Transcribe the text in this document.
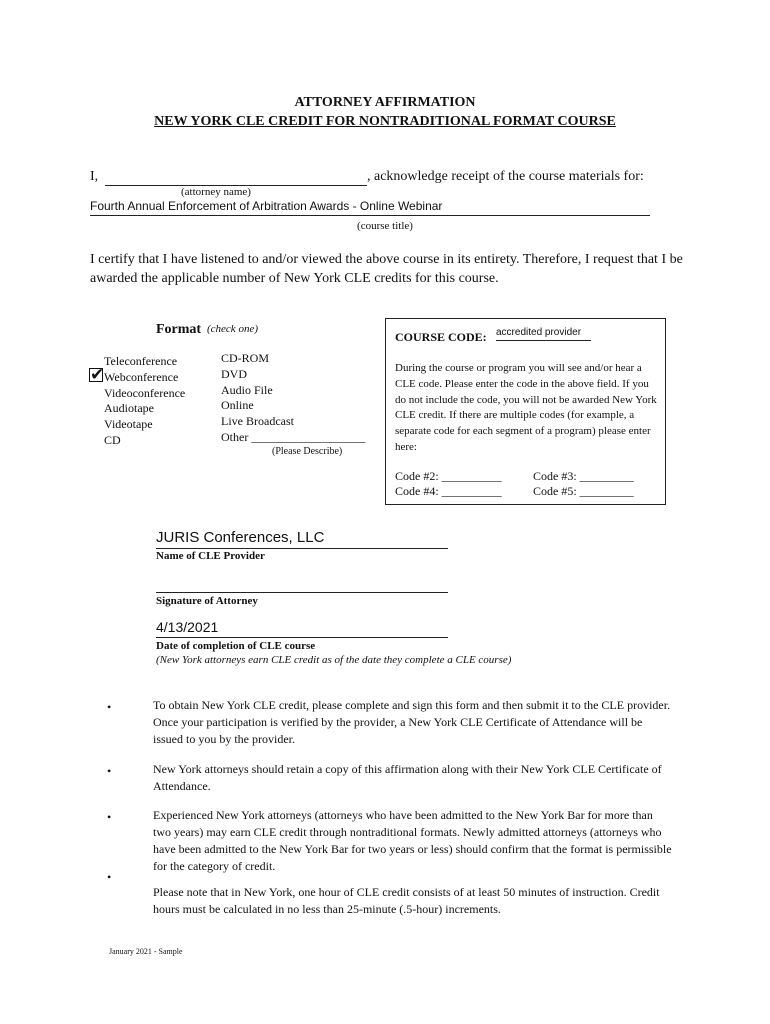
ATTORNEY AFFIRMATION
NEW YORK CLE CREDIT FOR NONTRADITIONAL FORMAT COURSE
I,	, acknowledge receipt of the course materials for:
(attorney name)
Fourth Annual Enforcement of Arbitration Awards - Online Webinar
(course title)
I certify that I have listened to and/or viewed the above course in its entirety. Therefore, I request that I be awarded the applicable number of New York CLE credits for this course.
Format (check one)
Teleconference
Webconference
Videoconference
Audiotape
Videotape
CD
✔
CD-ROM
DVD
Audio File
Online
Live Broadcast
Other ___________________
(Please Describe)
COURSE CODE: accredited provider
During the course or program you will see and/or hear a CLE code. Please enter the code in the above field. If you do not include the code, you will not be awarded New York CLE credit. If there are multiple codes (for example, a separate code for each segment of a program) please enter here:
Code #2: __________	Code #3: _________
Code #4: __________	Code #5: _________
JURIS Conferences, LLC
Name of CLE Provider
Signature of Attorney
4/13/2021
Date of completion of CLE course
(New York attorneys earn CLE credit as of the date they complete a CLE course)
•	To obtain New York CLE credit, please complete and sign this form and then submit it to the CLE provider. Once your participation is verified by the provider, a New York CLE Certificate of Attendance will be issued to you by the provider.
•	New York attorneys should retain a copy of this affirmation along with their New York CLE Certificate of Attendance.
•	Experienced New York attorneys (attorneys who have been admitted to the New York Bar for more than two years) may earn CLE credit through nontraditional formats. Newly admitted attorneys (attorneys who have been admitted to the New York Bar for two years or less) should confirm that the format is permissible for the category of credit.
•
Please note that in New York, one hour of CLE credit consists of at least 50 minutes of instruction. Credit hours must be calculated in no less than 25-minute (.5-hour) increments.
January 2021 - Sample
